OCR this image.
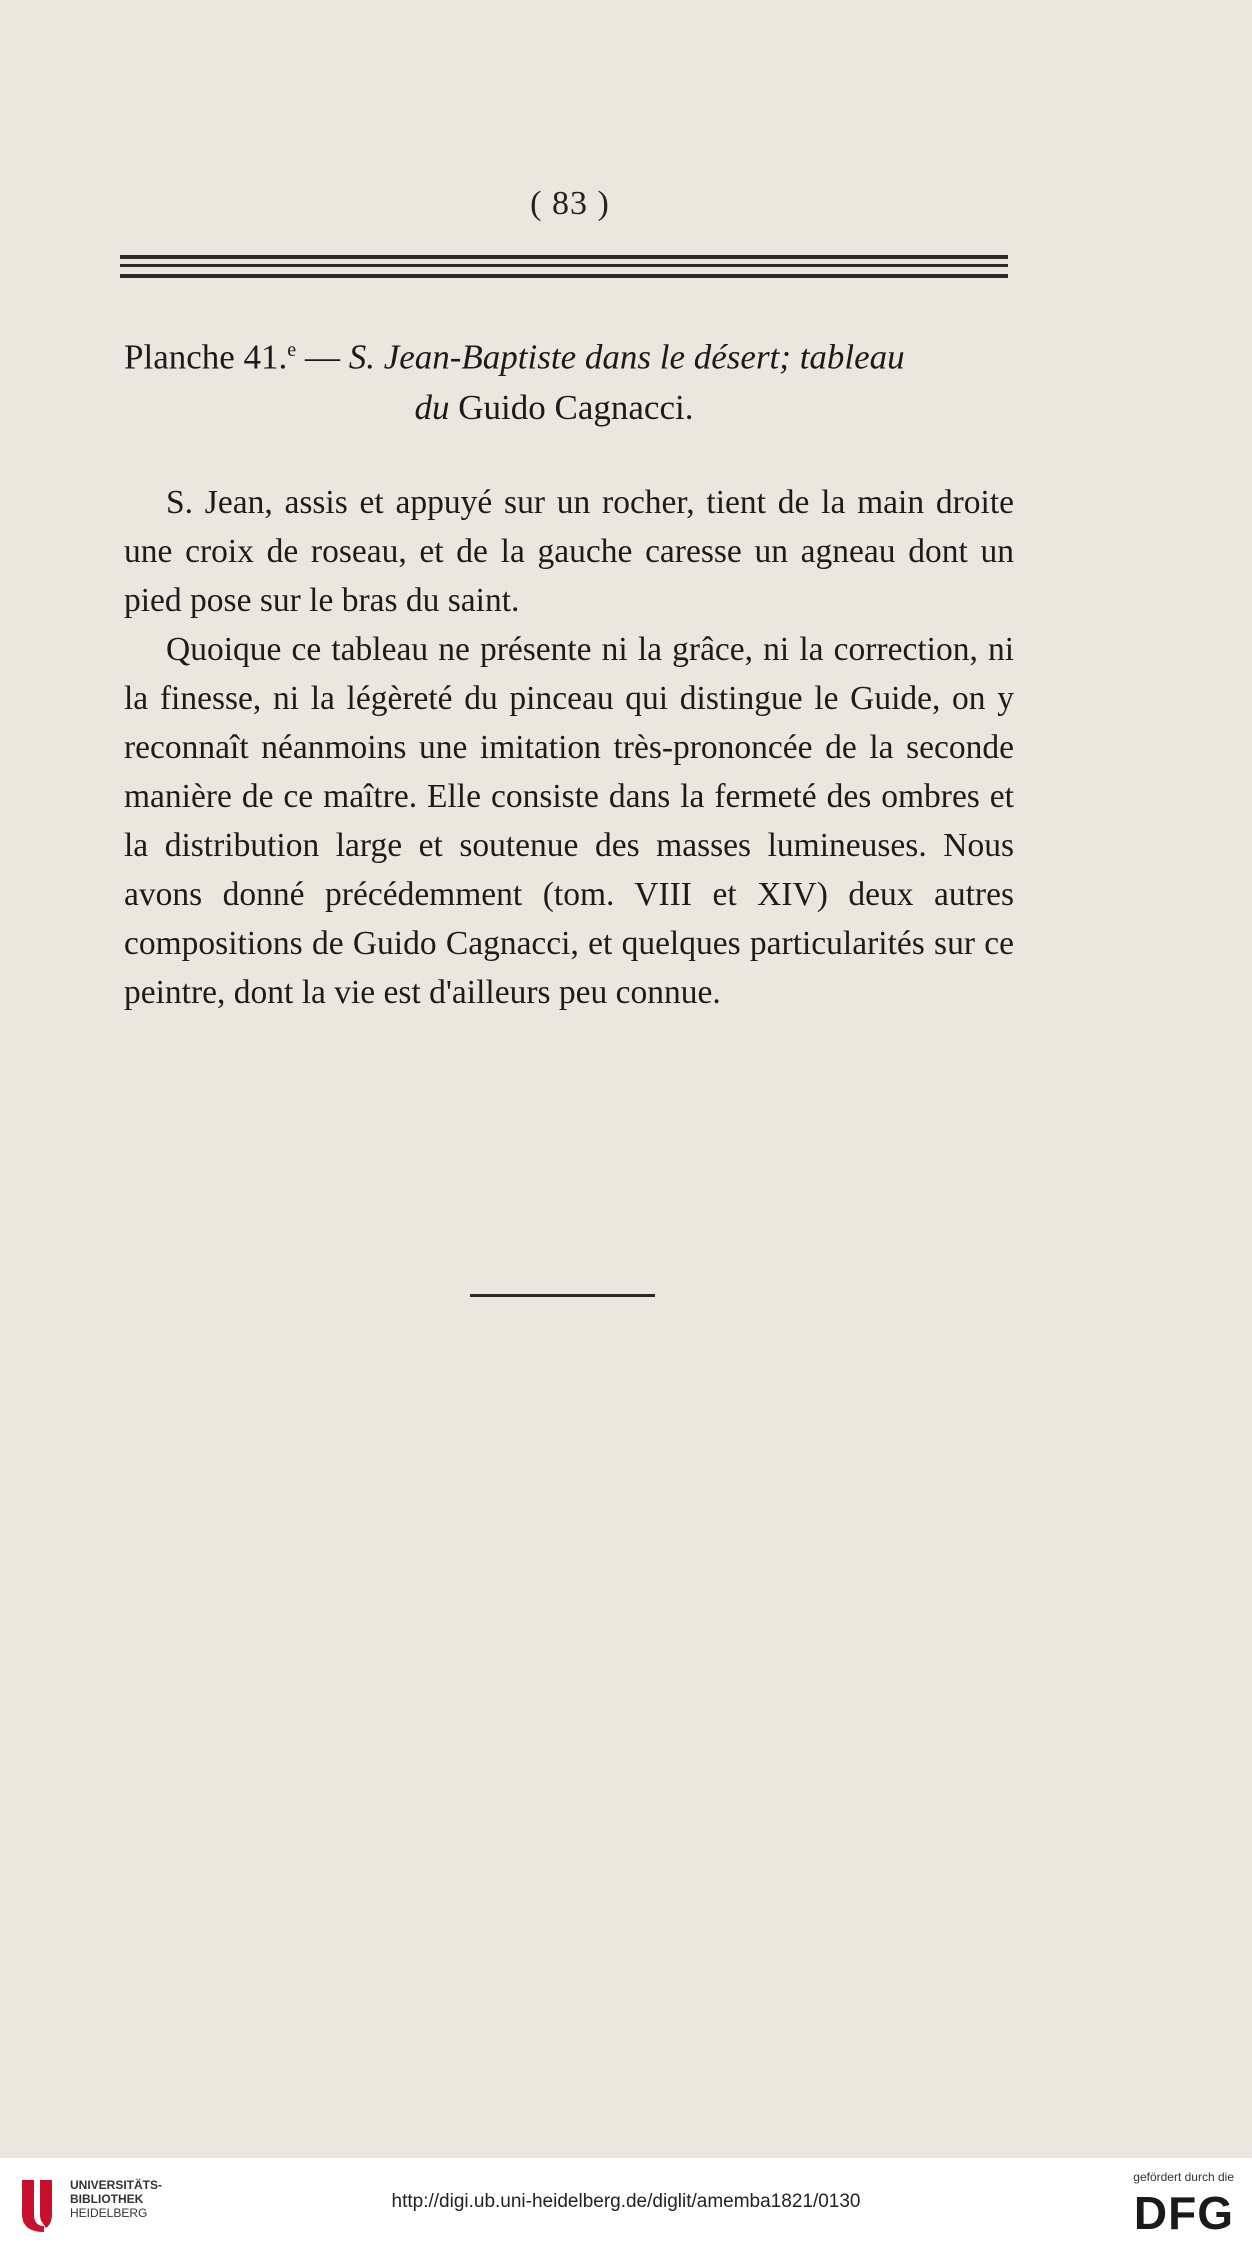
( 83 )
Planche 41.$^e$ — S. Jean-Baptiste dans le désert; tableau
du Guido Cagnacci.

S. Jean, assis et appuyé sur un rocher, tient de la main droite une croix de roseau, et de la gauche caresse un agneau dont un pied pose sur le bras du saint.

Quoique ce tableau ne présente ni la grâce, ni la correction, ni la finesse, ni la légèreté du pinceau qui distingue le Guide, on y reconnaît néanmoins une imitation très-prononcée de la seconde manière de ce maître. Elle consiste dans la fermeté des ombres et la distribution large et soutenue des masses lumineuses. Nous avons donné précédemment (tom. VIII et XIV) deux autres compositions de Guido Cagnacci, et quelques particularités sur ce peintre, dont la vie est d'ailleurs peu connue.

UNIVERSITÄTS-
BIBLIOTHEK
HEIDELBERG
http://digi.ub.uni-heidelberg.de/diglit/amemba1821/0130
gefördert durch die
DFG
